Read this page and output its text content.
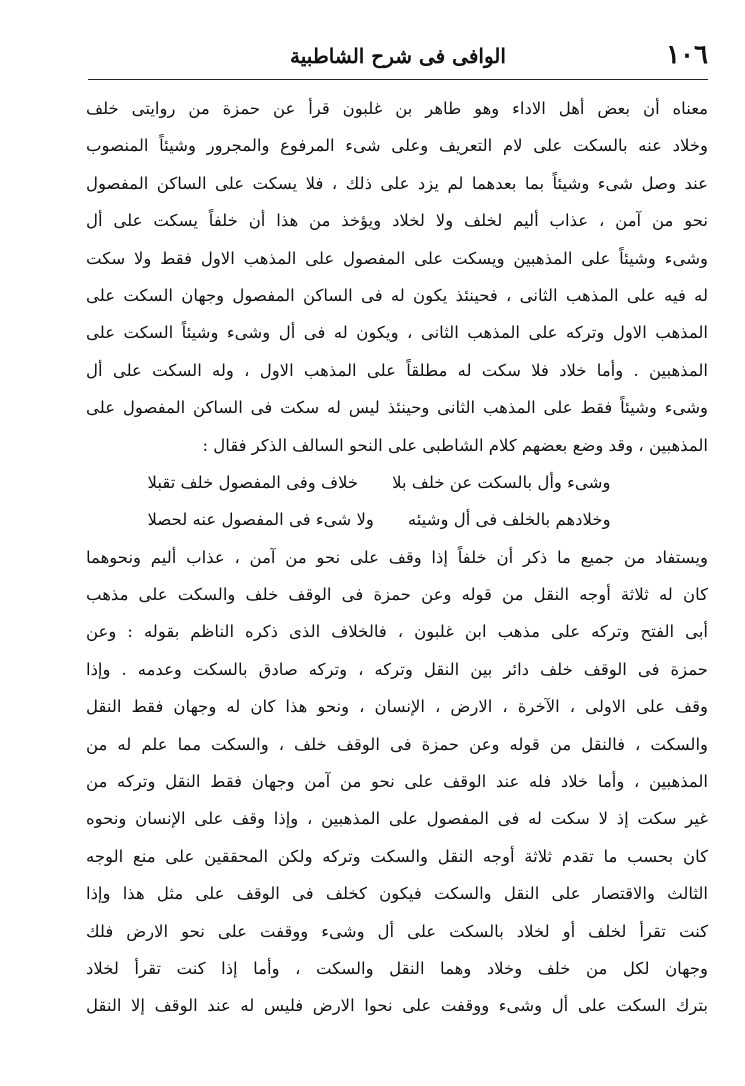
١٠٦
الوافى فى شرح الشاطبية
معناه أن بعض أهل الاداء وهو طاهر بن غلبون قرأ عن حمزة من روايتى خلف
وخلاد عنه بالسكت على لام التعريف وعلى شىء المرفوع والمجرور وشيئاً المنصوب
عند وصل شىء وشيئاً بما بعدهما لم يزد على ذلك ، فلا يسكت على الساكن المفصول
نحو من آمن ، عذاب أليم لخلف ولا لخلاد ويؤخذ من هذا أن خلفاً يسكت على أل
وشىء وشيئاً على المذهبين ويسكت على المفصول على المذهب الاول فقط ولا سكت
له فيه على المذهب الثانى ، فحينئذ يكون له فى الساكن المفصول وجهان السكت على
المذهب الاول وتركه على المذهب الثانى ، ويكون له فى أل وشىء وشيئاً السكت على
المذهبين . وأما خلاد فلا سكت له مطلقاً على المذهب الاول ، وله السكت على أل
وشىء وشيئاً فقط على المذهب الثانى وحينئذ ليس له سكت فى الساكن المفصول على
المذهبين ، وقد وضع بعضهم كلام الشاطبى على النحو السالف الذكر فقال :
وشىء وأل بالسكت عن خلف بلا
خلاف وفى المفصول خلف تقبلا
وخلادهم بالخلف فى أل وشيئه
ولا شىء فى المفصول عنه لحصلا
ويستفاد من جميع ما ذكر أن خلفاً إذا وقف على نحو من آمن ، عذاب أليم ونحوهما
كان له ثلاثة أوجه النقل من قوله وعن حمزة فى الوقف خلف والسكت على مذهب
أبى الفتح وتركه على مذهب ابن غلبون ، فالخلاف الذى ذكره الناظم بقوله : وعن
حمزة فى الوقف خلف دائر بين النقل وتركه ، وتركه صادق بالسكت وعدمه . وإذا
وقف على الاولى ، الآخرة ، الارض ، الإنسان ، ونحو هذا كان له وجهان فقط النقل
والسكت ، فالنقل من قوله وعن حمزة فى الوقف خلف ، والسكت مما علم له من
المذهبين ، وأما خلاد فله عند الوقف على نحو من آمن وجهان فقط النقل وتركه من
غير سكت إذ لا سكت له فى المفصول على المذهبين ، وإذا وقف على الإنسان ونحوه
كان بحسب ما تقدم ثلاثة أوجه النقل والسكت وتركه ولكن المحققين على منع الوجه
الثالث والاقتصار على النقل والسكت فيكون كخلف فى الوقف على مثل هذا وإذا
كنت تقرأ لخلف أو لخلاد بالسكت على أل وشىء ووقفت على نحو الارض فلك
وجهان لكل من خلف وخلاد وهما النقل والسكت ، وأما إذا كنت تقرأ لخلاد
بترك السكت على أل وشىء ووقفت على نحوا الارض فليس له عند الوقف إلا النقل
